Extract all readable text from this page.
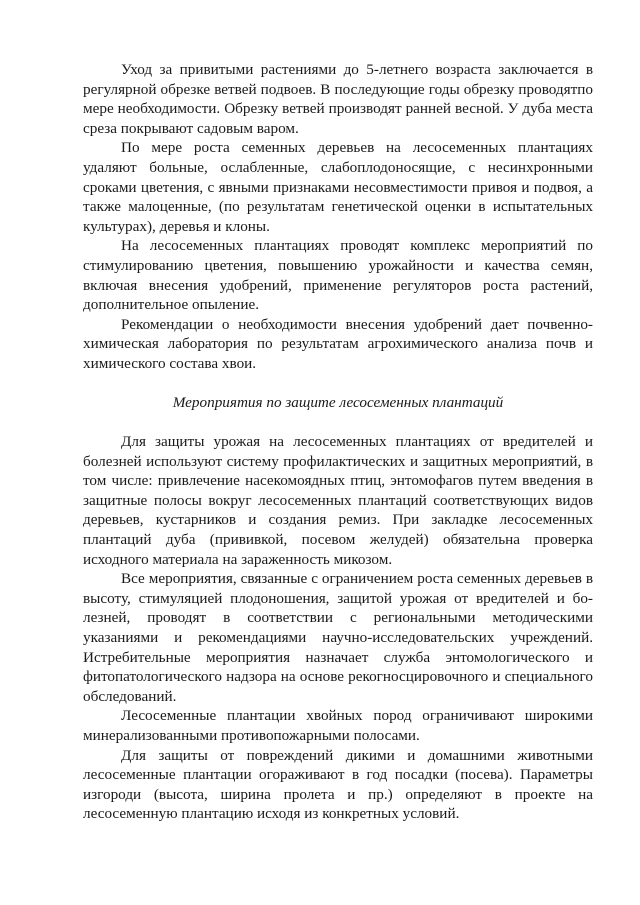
Уход за привитыми растениями до 5-летнего возраста заключается в регулярной обрезке ветвей подвоев. В последующие годы обрезку проводятпо мере необходимости. Обрезку ветвей производят ранней весной. У дуба места среза покрывают садовым варом.

По мере роста семенных деревьев на лесосеменных плантациях удаляют больные, ослабленные, слабоплодоносящие, с несинхронными сроками цветения, с явными признаками несовместимости привоя и подвоя, а также малоценные, (по результатам генетической оценки в испытательных культурах), деревья и клоны.

На лесосеменных плантациях проводят комплекс мероприятий по стимулированию цветения, повышению урожайности и качества семян, включая внесения удобрений, применение регуляторов роста растений, дополнительное опыление.

Рекомендации о необходимости внесения удобрений дает почвенно-химическая лаборатория по результатам агрохимического анализа почв и химического состава хвои.

Мероприятия по защите лесосеменных плантаций

Для защиты урожая на лесосеменных плантациях от вредителей и болезней используют систему профилактических и защитных мероприятий, в том числе: привлечение насекомоядных птиц, энтомофагов путем введения в защитные полосы вокруг лесосеменных плантаций соответствующих видов деревьев, кустарников и создания ремиз. При закладке лесосеменных плантаций дуба (прививкой, посевом желудей) обязательна проверка исходного материала на зараженность микозом.

Все мероприятия, связанные с ограничением роста семенных деревьев в высоту, стимуляцией плодоношения, защитой урожая от вредителей и бо-лезней, проводят в соответствии с региональными методическими указаниями и рекомендациями научно-исследовательских учреждений. Истребительные мероприятия назначает служба энтомологического и фитопатологического надзора на основе рекогносцировочного и специального обследований.

Лесосеменные плантации хвойных пород ограничивают широкими минерализованными противопожарными полосами.

Для защиты от повреждений дикими и домашними животными лесосеменные плантации огораживают в год посадки (посева). Параметры изгороди (высота, ширина пролета и пр.) определяют в проекте на лесосеменную плантацию исходя из конкретных условий.
